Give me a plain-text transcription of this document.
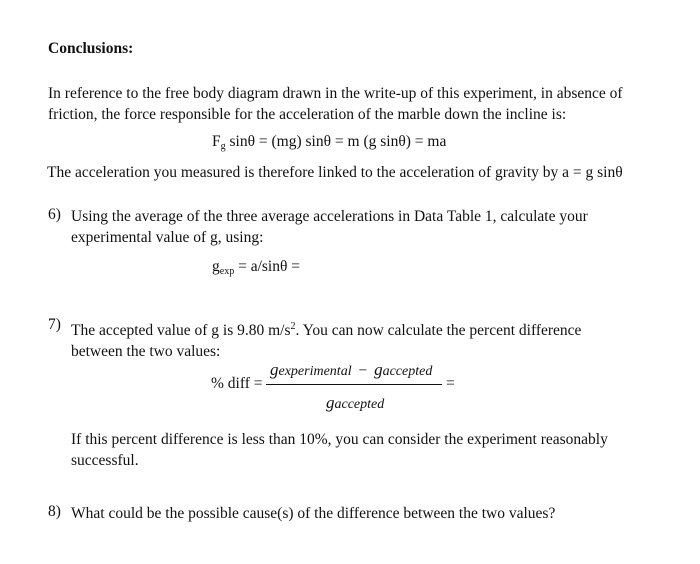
Conclusions:
In reference to the free body diagram drawn in the write-up of this experiment, in absence of friction, the force responsible for the acceleration of the marble down the incline is:
$F_g$ sinθ = (mg) sinθ = m (g sinθ) = ma
The acceleration you measured is therefore linked to the acceleration of gravity by a = g sinθ
6) Using the average of the three average accelerations in Data Table 1, calculate your experimental value of g, using:
$g_{exp} = a/\sin\theta$ =
7) The accepted value of g is 9.80 $m/s^2$. You can now calculate the percent difference between the two values:
% diff =
gexperimental − gaccepted
gaccepted
=
If this percent difference is less than 10%, you can consider the experiment reasonably successful.
8) What could be the possible cause(s) of the difference between the two values?
